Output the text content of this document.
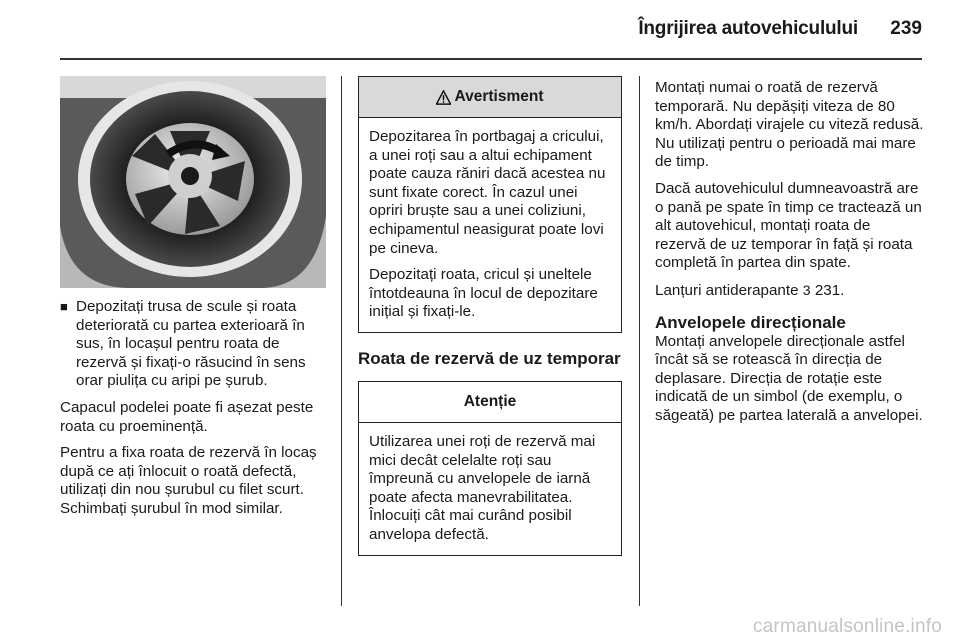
Îngrijirea autovehiculului	239
■ Depozitați trusa de scule și roata deteriorată cu partea exterioară în sus, în locașul pentru roata de rezervă și fixați-o răsucind în sens orar piulița cu aripi pe șurub.

Capacul podelei poate fi așezat peste roata cu proeminență.

Pentru a fixa roata de rezervă în locaș după ce ați înlocuit o roată defectă, utilizați din nou șurubul cu filet scurt. Schimbați șurubul în mod similar.

Avertisment

Depozitarea în portbagaj a cricului, a unei roți sau a altui echipament poate cauza răniri dacă acestea nu sunt fixate corect. În cazul unei opriri bruște sau a unei coliziuni, echipamentul neasigurat poate lovi pe cineva.

Depozitați roata, cricul și uneltele întotdeauna în locul de depozitare inițial și fixați-le.

Roata de rezervă de uz temporar
Atenție

Utilizarea unei roți de rezervă mai mici decât celelalte roți sau împreună cu anvelopele de iarnă poate afecta manevrabilitatea. Înlocuiți cât mai curând posibil anvelopa defectă.

Montați numai o roată de rezervă temporară. Nu depășiți viteza de 80 km/h. Abordați virajele cu viteză redusă. Nu utilizați pentru o perioadă mai mare de timp.

Dacă autovehiculul dumneavoastră are o pană pe spate în timp ce tractează un alt autovehicul, montați roata de rezervă de uz temporar în față și roata completă în partea din spate.

Lanțuri antiderapante 3 231.

Anvelopele direcționale

Montați anvelopele direcționale astfel încât să se rotească în direcția de deplasare. Direcția de rotație este indicată de un simbol (de exemplu, o săgeată) pe partea laterală a anvelopei.

carmanualsonline.info
